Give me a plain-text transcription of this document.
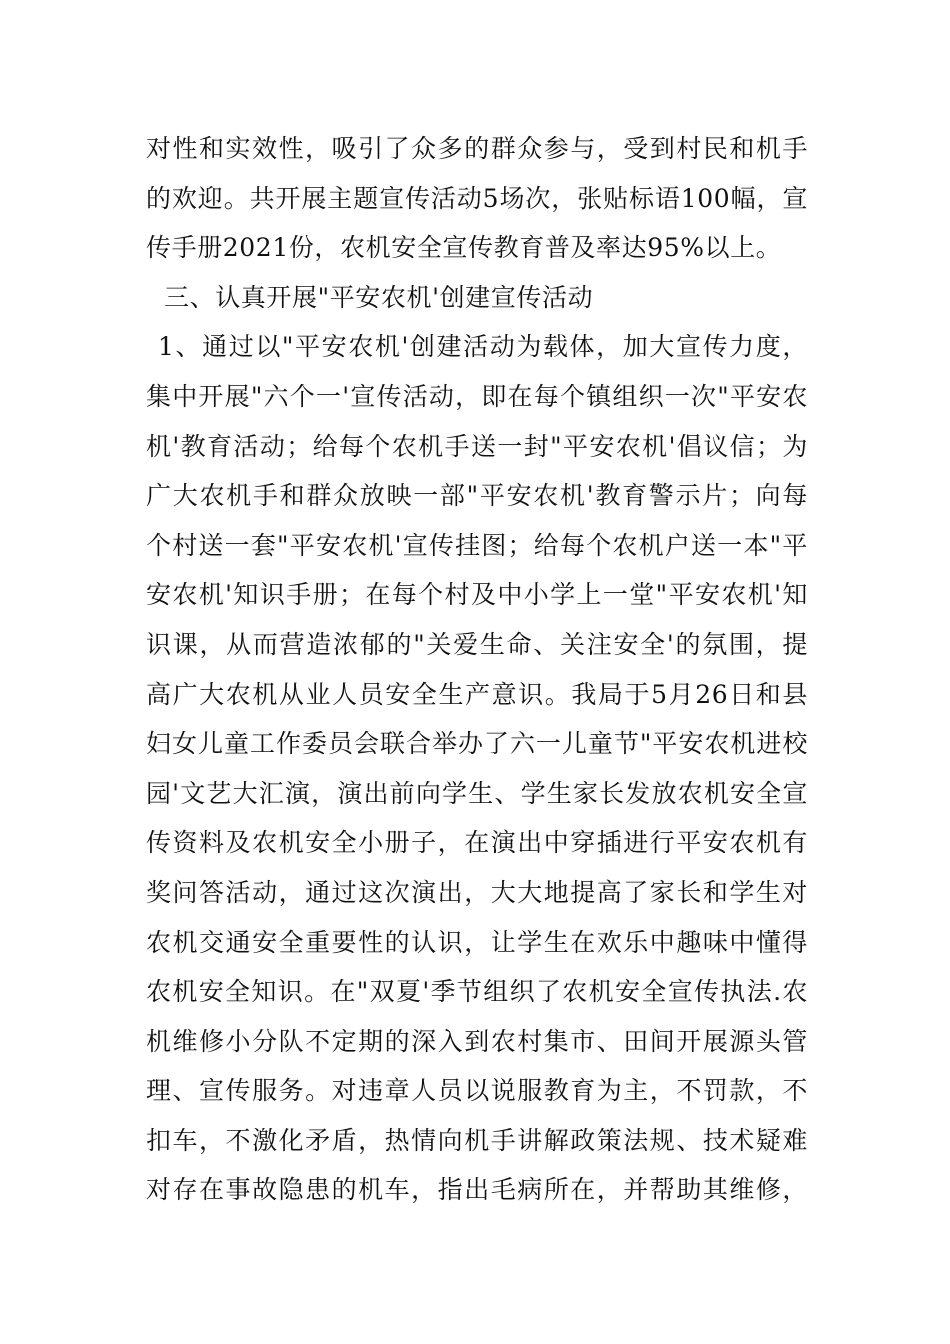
对性和实效性，吸引了众多的群众参与，受到村民和机手
的欢迎。共开展主题宣传活动5场次，张贴标语100幅，宣
传手册2021份，农机安全宣传教育普及率达95%以上。
三、认真开展"平安农机'创建宣传活动
1、通过以"平安农机'创建活动为载体，加大宣传力度，
集中开展"六个一'宣传活动，即在每个镇组织一次"平安农
机'教育活动；给每个农机手送一封"平安农机'倡议信；为
广大农机手和群众放映一部"平安农机'教育警示片；向每
个村送一套"平安农机'宣传挂图；给每个农机户送一本"平
安农机'知识手册；在每个村及中小学上一堂"平安农机'知
识课，从而营造浓郁的"关爱生命、关注安全'的氛围，提
高广大农机从业人员安全生产意识。我局于5月26日和县
妇女儿童工作委员会联合举办了六一儿童节"平安农机进校
园'文艺大汇演，演出前向学生、学生家长发放农机安全宣
传资料及农机安全小册子，在演出中穿插进行平安农机有
奖问答活动，通过这次演出，大大地提高了家长和学生对
农机交通安全重要性的认识，让学生在欢乐中趣味中懂得
农机安全知识。在"双夏'季节组织了农机安全宣传执法.农
机维修小分队不定期的深入到农村集市、田间开展源头管
理、宣传服务。对违章人员以说服教育为主，不罚款，不
扣车，不激化矛盾，热情向机手讲解政策法规、技术疑难
对存在事故隐患的机车，指出毛病所在，并帮助其维修，
